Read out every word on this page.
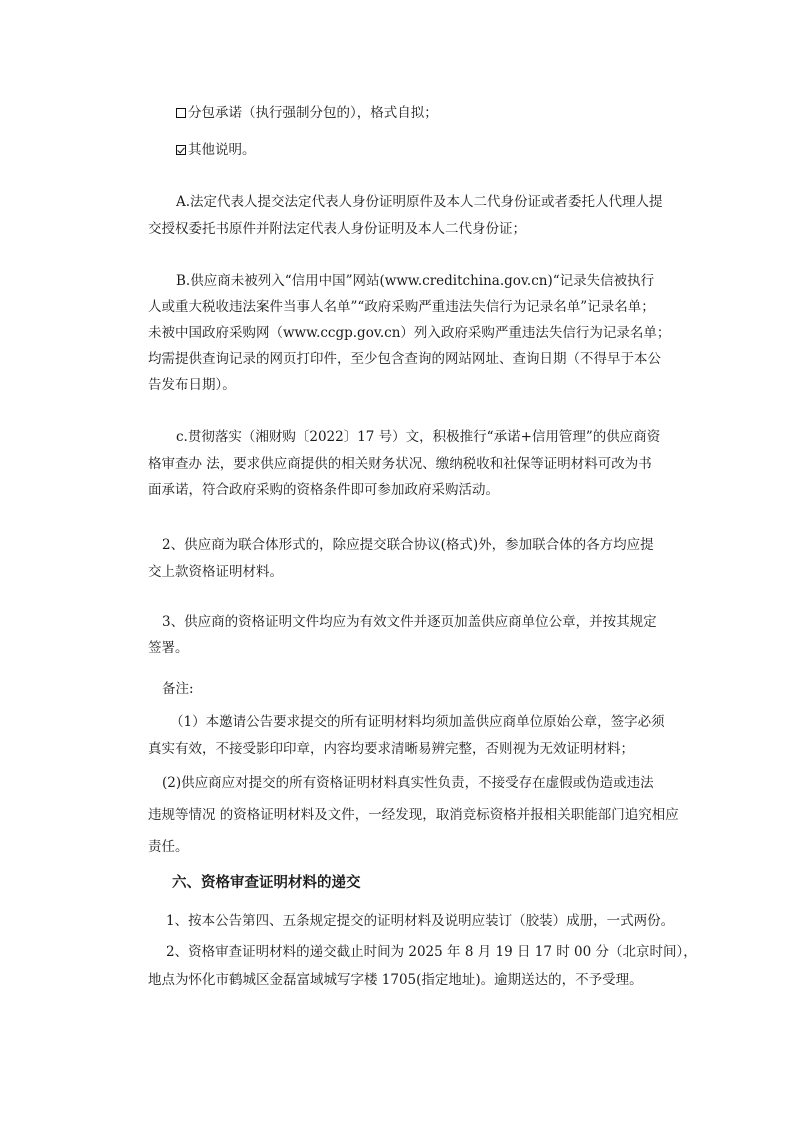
分包承诺（执行强制分包的），格式自拟；
其他说明。
A.法定代表人提交法定代表人身份证明原件及本人二代身份证或者委托人代理人提
交授权委托书原件并附法定代表人身份证明及本人二代身份证；
B.供应商未被列入“信用中国”网站(www.creditchina.gov.cn)“记录失信被执行
人或重大税收违法案件当事人名单”“政府采购严重违法失信行为记录名单”记录名单；
未被中国政府采购网（www.ccgp.gov.cn）列入政府采购严重违法失信行为记录名单；
均需提供查询记录的网页打印件，至少包含查询的网站网址、查询日期（不得早于本公
告发布日期）。
c.贯彻落实（湘财购〔2022〕17 号）文，积极推行“承诺+信用管理”的供应商资
格审查办 法，要求供应商提供的相关财务状况、缴纳税收和社保等证明材料可改为书
面承诺，符合政府采购的资格条件即可参加政府采购活动。
2、供应商为联合体形式的，除应提交联合协议(格式)外，参加联合体的各方均应提
交上款资格证明材料。
3、供应商的资格证明文件均应为有效文件并逐页加盖供应商单位公章，并按其规定
签署。
备注:
（1）本邀请公告要求提交的所有证明材料均须加盖供应商单位原始公章，签字必须
真实有效，不接受影印印章，内容均要求清晰易辨完整，否则视为无效证明材料；
(2)供应商应对提交的所有资格证明材料真实性负责，不接受存在虚假或伪造或违法
违规等情况 的资格证明材料及文件，一经发现，取消竞标资格并报相关职能部门追究相应
责任。
六、资格审查证明材料的递交
1、按本公告第四、五条规定提交的证明材料及说明应装订（胶装）成册，一式两份。
2、资格审查证明材料的递交截止时间为 2025 年 8 月 19 日 17 时 00 分（北京时间），
地点为怀化市鹤城区金磊富域城写字楼 1705(指定地址)。逾期送达的，不予受理。
